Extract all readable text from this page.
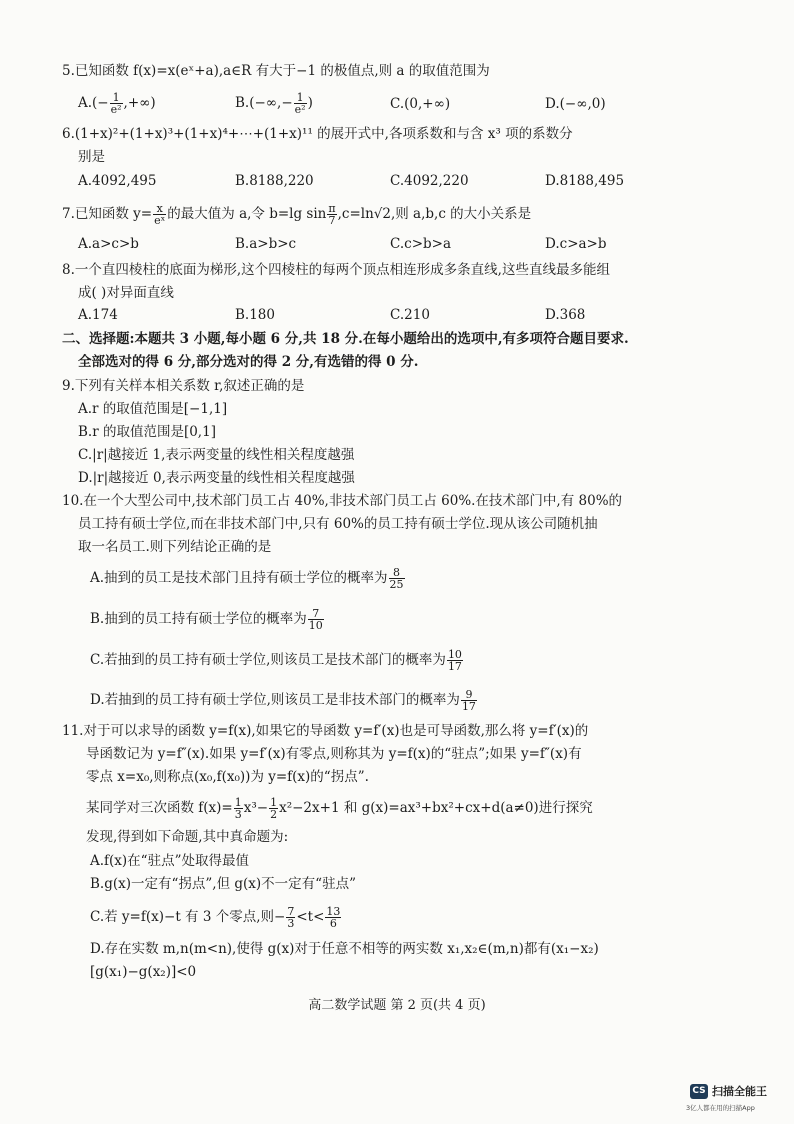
5.已知函数 f(x)=x(eˣ+a),a∈R 有大于−1 的极值点,则 a 的取值范围为
$A.(- \frac{1}{\text{e²}}$ ,+∞)	$B.(-\infty,- \frac{1}{\text{e²}}$ )	C.(0,+∞)	D.(−∞,0)
6.(1+x)²+(1+x)³+(1+x)⁴+⋯+(1+x)¹¹ 的展开式中,各项系数和与含 x³ 项的系数分
别是
A.4092,495	B.8188,220	C.4092,220	D.8188,495
7.已知函数 $y= \frac{x}{\text{eˣ}}$ 的最大值为 a,令 b=lg $\sin \frac{\pi}{7} ,c=\ln√2$,则 a,b,c 的大小关系是
A.a>c>b	B.a>b>c	C.c>b>a	D.c>a>b
8.一个直四棱柱的底面为梯形,这个四棱柱的每两个顶点相连形成多条直线,这些直线最多能组
成( )对异面直线
A.174	B.180	C.210	D.368
二、选择题:本题共 3 小题,每小题 6 分,共 18 分.在每小题给出的选项中,有多项符合题目要求.
全部选对的得 6 分,部分选对的得 2 分,有选错的得 0 分.
9.下列有关样本相关系数 r,叙述正确的是
A.r 的取值范围是[−1,1]
B.r 的取值范围是[0,1]
C.|r|越接近 1,表示两变量的线性相关程度越强
D.|r|越接近 0,表示两变量的线性相关程度越强
10.在一个大型公司中,技术部门员工占 40%,非技术部门员工占 60%.在技术部门中,有 80%的
员工持有硕士学位,而在非技术部门中,只有 60%的员工持有硕士学位.现从该公司随机抽
取一名员工.则下列结论正确的是
A.抽到的员工是技术部门且持有硕士学位的概率为 $\frac{8}{25}$
B.抽到的员工持有硕士学位的概率为 $\frac{7}{10}$
C.若抽到的员工持有硕士学位,则该员工是技术部门的概率为 $\frac{10}{17}$
D.若抽到的员工持有硕士学位,则该员工是非技术部门的概率为 $\frac{9}{17}$
11.对于可以求导的函数 y=f(x),如果它的导函数 y=f′(x)也是可导函数,那么将 y=f′(x)的
导函数记为 y=f″(x).如果 y=f′(x)有零点,则称其为 y=f(x)的“驻点”;如果 y=f″(x)有
零点 x=x₀,则称点(x₀,f(x₀))为 y=f(x)的“拐点”.
某同学对三次函数 $f(x)= \frac{1}{3} x^3- \frac{1}{2} x^2-2x+1$ 和 g(x)=ax³+bx²+cx+d(a≠0)进行探究
发现,得到如下命题,其中真命题为:
A.f(x)在“驻点”处取得最值
B.g(x)一定有“拐点”,但 g(x)不一定有“驻点”
C.若 y=f(x)−t 有 3 个零点,则− $\frac{7}{3} <t< \frac{13}{6}$
D.存在实数 m,n(m<n),使得 g(x)对于任意不相等的两实数 x₁,x₂∈(m,n)都有(x₁−x₂)
[g(x₁)−g(x₂)]<0
高二数学试题 第 2 页(共 4 页)
CS 扫描全能王
3亿人都在用的扫描App
